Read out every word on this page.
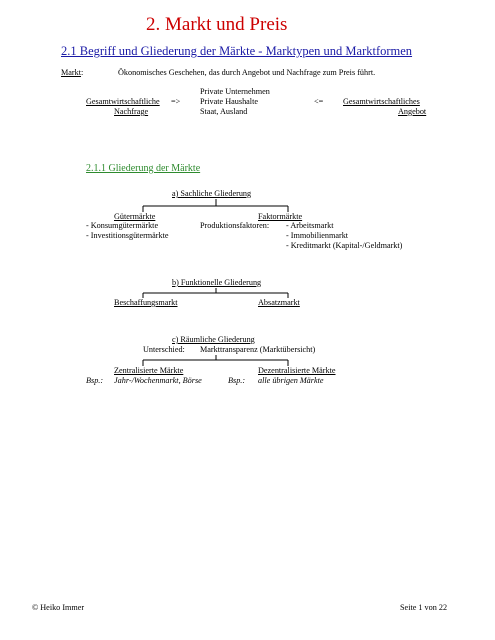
2. Markt und Preis
2.1 Begriff und Gliederung der Märkte - Marktypen und Marktformen
Markt:	Ökonomisches Geschehen, das durch Angebot und Nachfrage zum Preis führt.
Private Unternehmen
Gesamtwirtschaftliche => Private Haushalte	<= Gesamtwirtschaftliches
Nachfrage	Staat, Ausland	Angebot
2.1.1 Gliederung der Märkte
a) Sachliche Gliederung
Gütermärkte	Faktormärkte
- Konsumgütermärkte	Produktionsfaktoren: - Arbeitsmarkt
- Investitionsgütermärkte	- Immobilienmarkt
- Kreditmarkt (Kapital-/Geldmarkt)
b) Funktionelle Gliederung
Beschaffungsmarkt	Absatzmarkt
c) Räumliche Gliederung
Unterschied: Markttransparenz (Marktübersicht)
Zentralisierte Märkte	Dezentralisierte Märkte
Bsp.: Jahr-/Wochenmarkt, Börse	Bsp.: alle übrigen Märkte
© Heiko Immer	Seite 1 von 22
